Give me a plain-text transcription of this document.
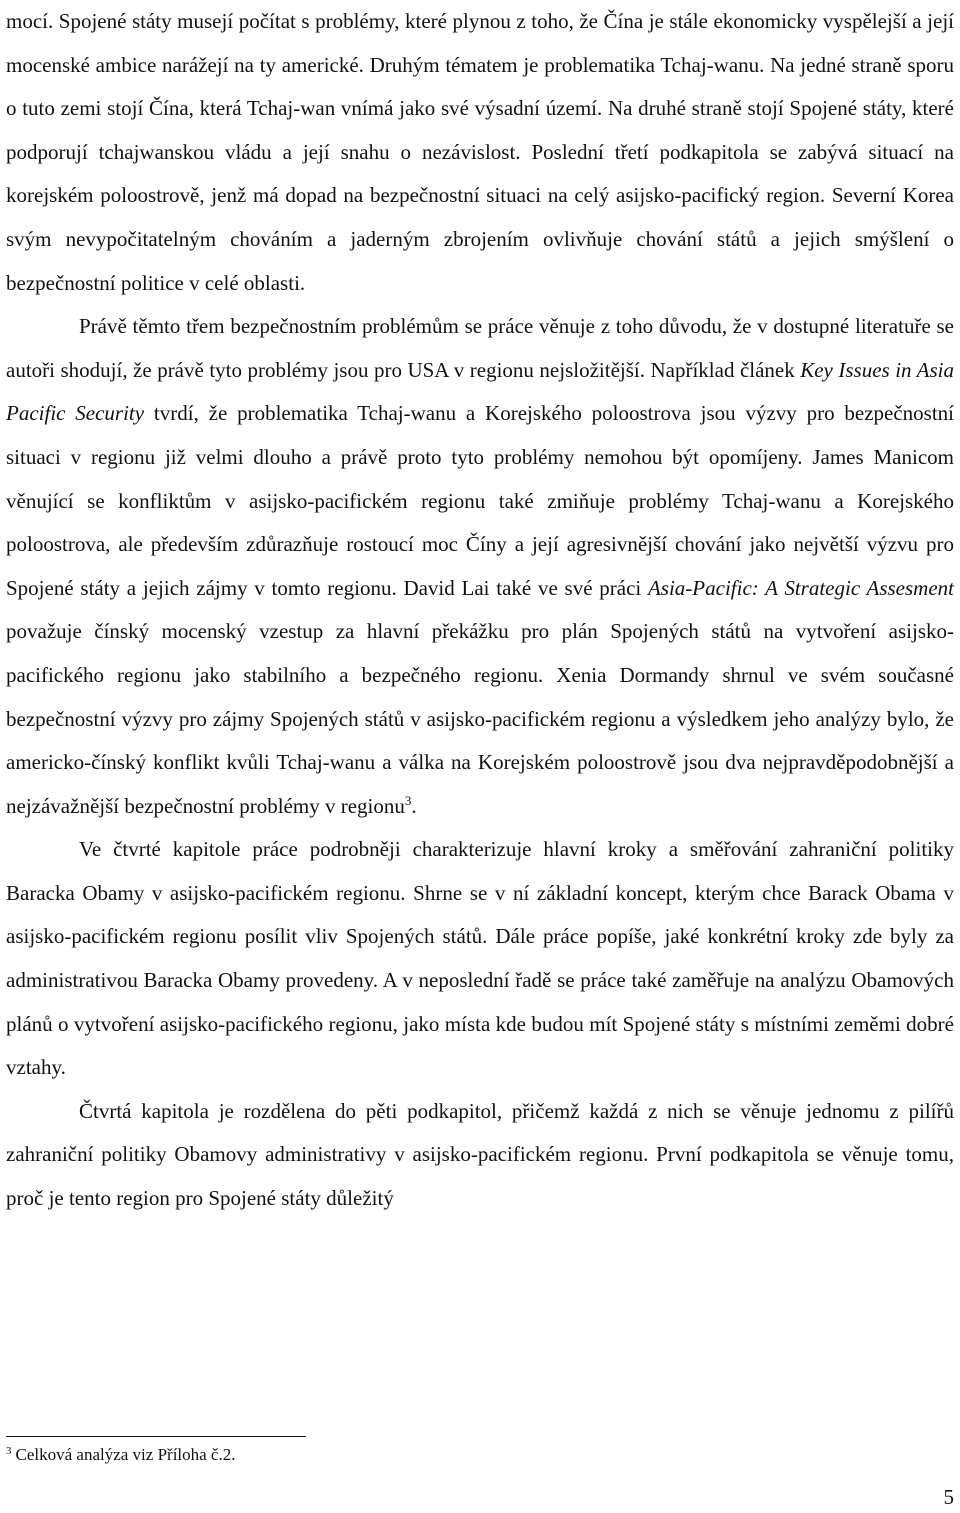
mocí. Spojené státy musejí počítat s problémy, které plynou z toho, že Čína je stále ekonomicky vyspělejší a její mocenské ambice narážejí na ty americké. Druhým tématem je problematika Tchaj-wanu. Na jedné straně sporu o tuto zemi stojí Čína, která Tchaj-wan vnímá jako své výsadní území. Na druhé straně stojí Spojené státy, které podporují tchajwanskou vládu a její snahu o nezávislost. Poslední třetí podkapitola se zabývá situací na korejském poloostrově, jenž má dopad na bezpečnostní situaci na celý asijsko-pacifický region. Severní Korea svým nevypočitatelným chováním a jaderným zbrojením ovlivňuje chování států a jejich smýšlení o bezpečnostní politice v celé oblasti.

Právě těmto třem bezpečnostním problémům se práce věnuje z toho důvodu, že v dostupné literatuře se autoři shodují, že právě tyto problémy jsou pro USA v regionu nejsložitější. Například článek Key Issues in Asia Pacific Security tvrdí, že problematika Tchaj-wanu a Korejského poloostrova jsou výzvy pro bezpečnostní situaci v regionu již velmi dlouho a právě proto tyto problémy nemohou být opomíjeny. James Manicom věnující se konfliktům v asijsko-pacifickém regionu také zmiňuje problémy Tchaj-wanu a Korejského poloostrova, ale především zdůrazňuje rostoucí moc Číny a její agresivnější chování jako největší výzvu pro Spojené státy a jejich zájmy v tomto regionu. David Lai také ve své práci Asia-Pacific: A Strategic Assesment považuje čínský mocenský vzestup za hlavní překážku pro plán Spojených států na vytvoření asijsko-pacifického regionu jako stabilního a bezpečného regionu. Xenia Dormandy shrnul ve svém současné bezpečnostní výzvy pro zájmy Spojených států v asijsko-pacifickém regionu a výsledkem jeho analýzy bylo, že americko-čínský konflikt kvůli Tchaj-wanu a válka na Korejském poloostrově jsou dva nejpravděpodobnější a nejzávažnější bezpečnostní problémy v regionu$^3$.

Ve čtvrté kapitole práce podrobněji charakterizuje hlavní kroky a směřování zahraniční politiky Baracka Obamy v asijsko-pacifickém regionu. Shrne se v ní základní koncept, kterým chce Barack Obama v asijsko-pacifickém regionu posílit vliv Spojených států. Dále práce popíše, jaké konkrétní kroky zde byly za administrativou Baracka Obamy provedeny. A v neposlední řadě se práce také zaměřuje na analýzu Obamových plánů o vytvoření asijsko-pacifického regionu, jako místa kde budou mít Spojené státy s místními zeměmi dobré vztahy.

Čtvrtá kapitola je rozdělena do pěti podkapitol, přičemž každá z nich se věnuje jednomu z pilířů zahraniční politiky Obamovy administrativy v asijsko-pacifickém regionu. První podkapitola se věnuje tomu, proč je tento region pro Spojené státy důležitý

$^3$ Celková analýza viz Příloha č.2.
5
